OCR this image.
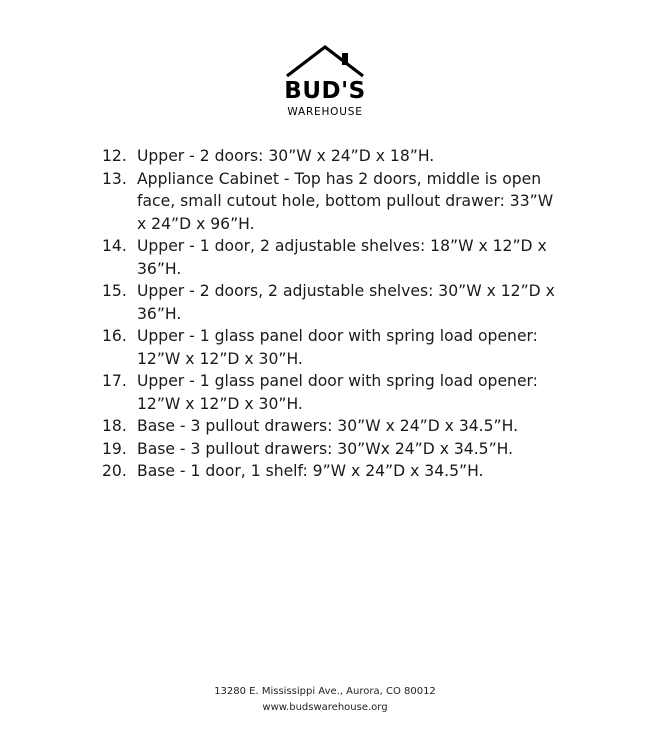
BUD'S
WAREHOUSE
12. Upper - 2 doors: 30”W x 24”D x 18”H.
13. Appliance Cabinet - Top has 2 doors, middle is open face, small cutout hole, bottom pullout drawer: 33”W x 24”D x 96”H.
14. Upper - 1 door, 2 adjustable shelves: 18”W x 12”D x 36”H.
15. Upper - 2 doors, 2 adjustable shelves: 30”W x 12”D x 36”H.
16. Upper - 1 glass panel door with spring load opener: 12”W x 12”D x 30”H.
17. Upper - 1 glass panel door with spring load opener: 12”W x 12”D x 30”H.
18. Base - 3 pullout drawers: 30”W x 24”D x 34.5”H.
19. Base - 3 pullout drawers: 30”Wx 24”D x 34.5”H.
20. Base - 1 door, 1 shelf: 9”W x 24”D x 34.5”H.
13280 E. Mississippi Ave., Aurora, CO 80012
www.budswarehouse.org
